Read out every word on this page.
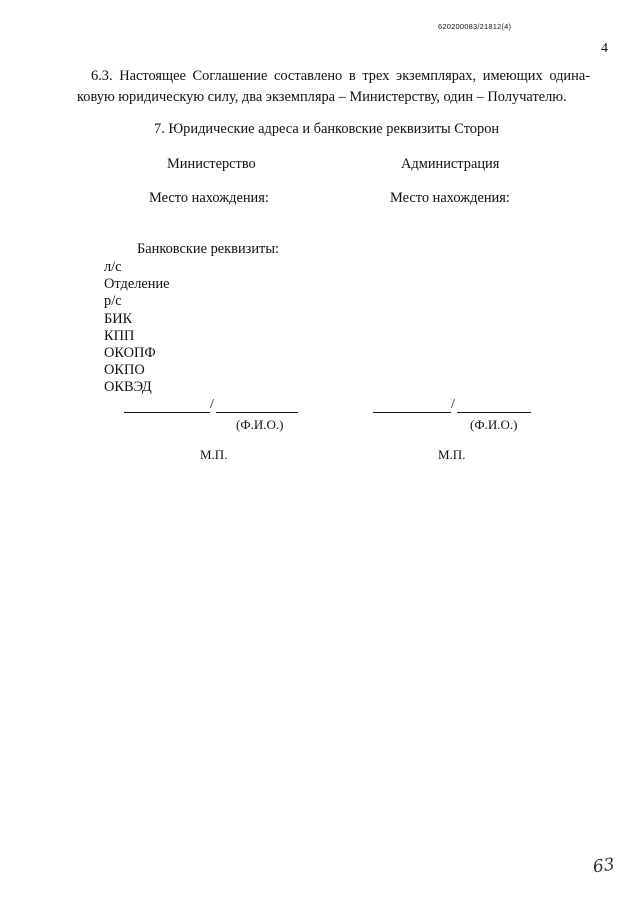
620200083/21812(4)
4
6.3. Настоящее Соглашение составлено в трех экземплярах, имеющих одина-
ковую юридическую силу, два экземпляра – Министерству, один – Получателю.
7. Юридические адреса и банковские реквизиты Сторон
Министерство	Администрация
Место нахождения:	Место нахождения:
Банковские реквизиты:
л/с
Отделение
р/с
БИК
КПП
ОКОПФ
ОКПО
ОКВЭД
/
(Ф.И.О.)
М.П.
/
(Ф.И.О.)
М.П.
63
